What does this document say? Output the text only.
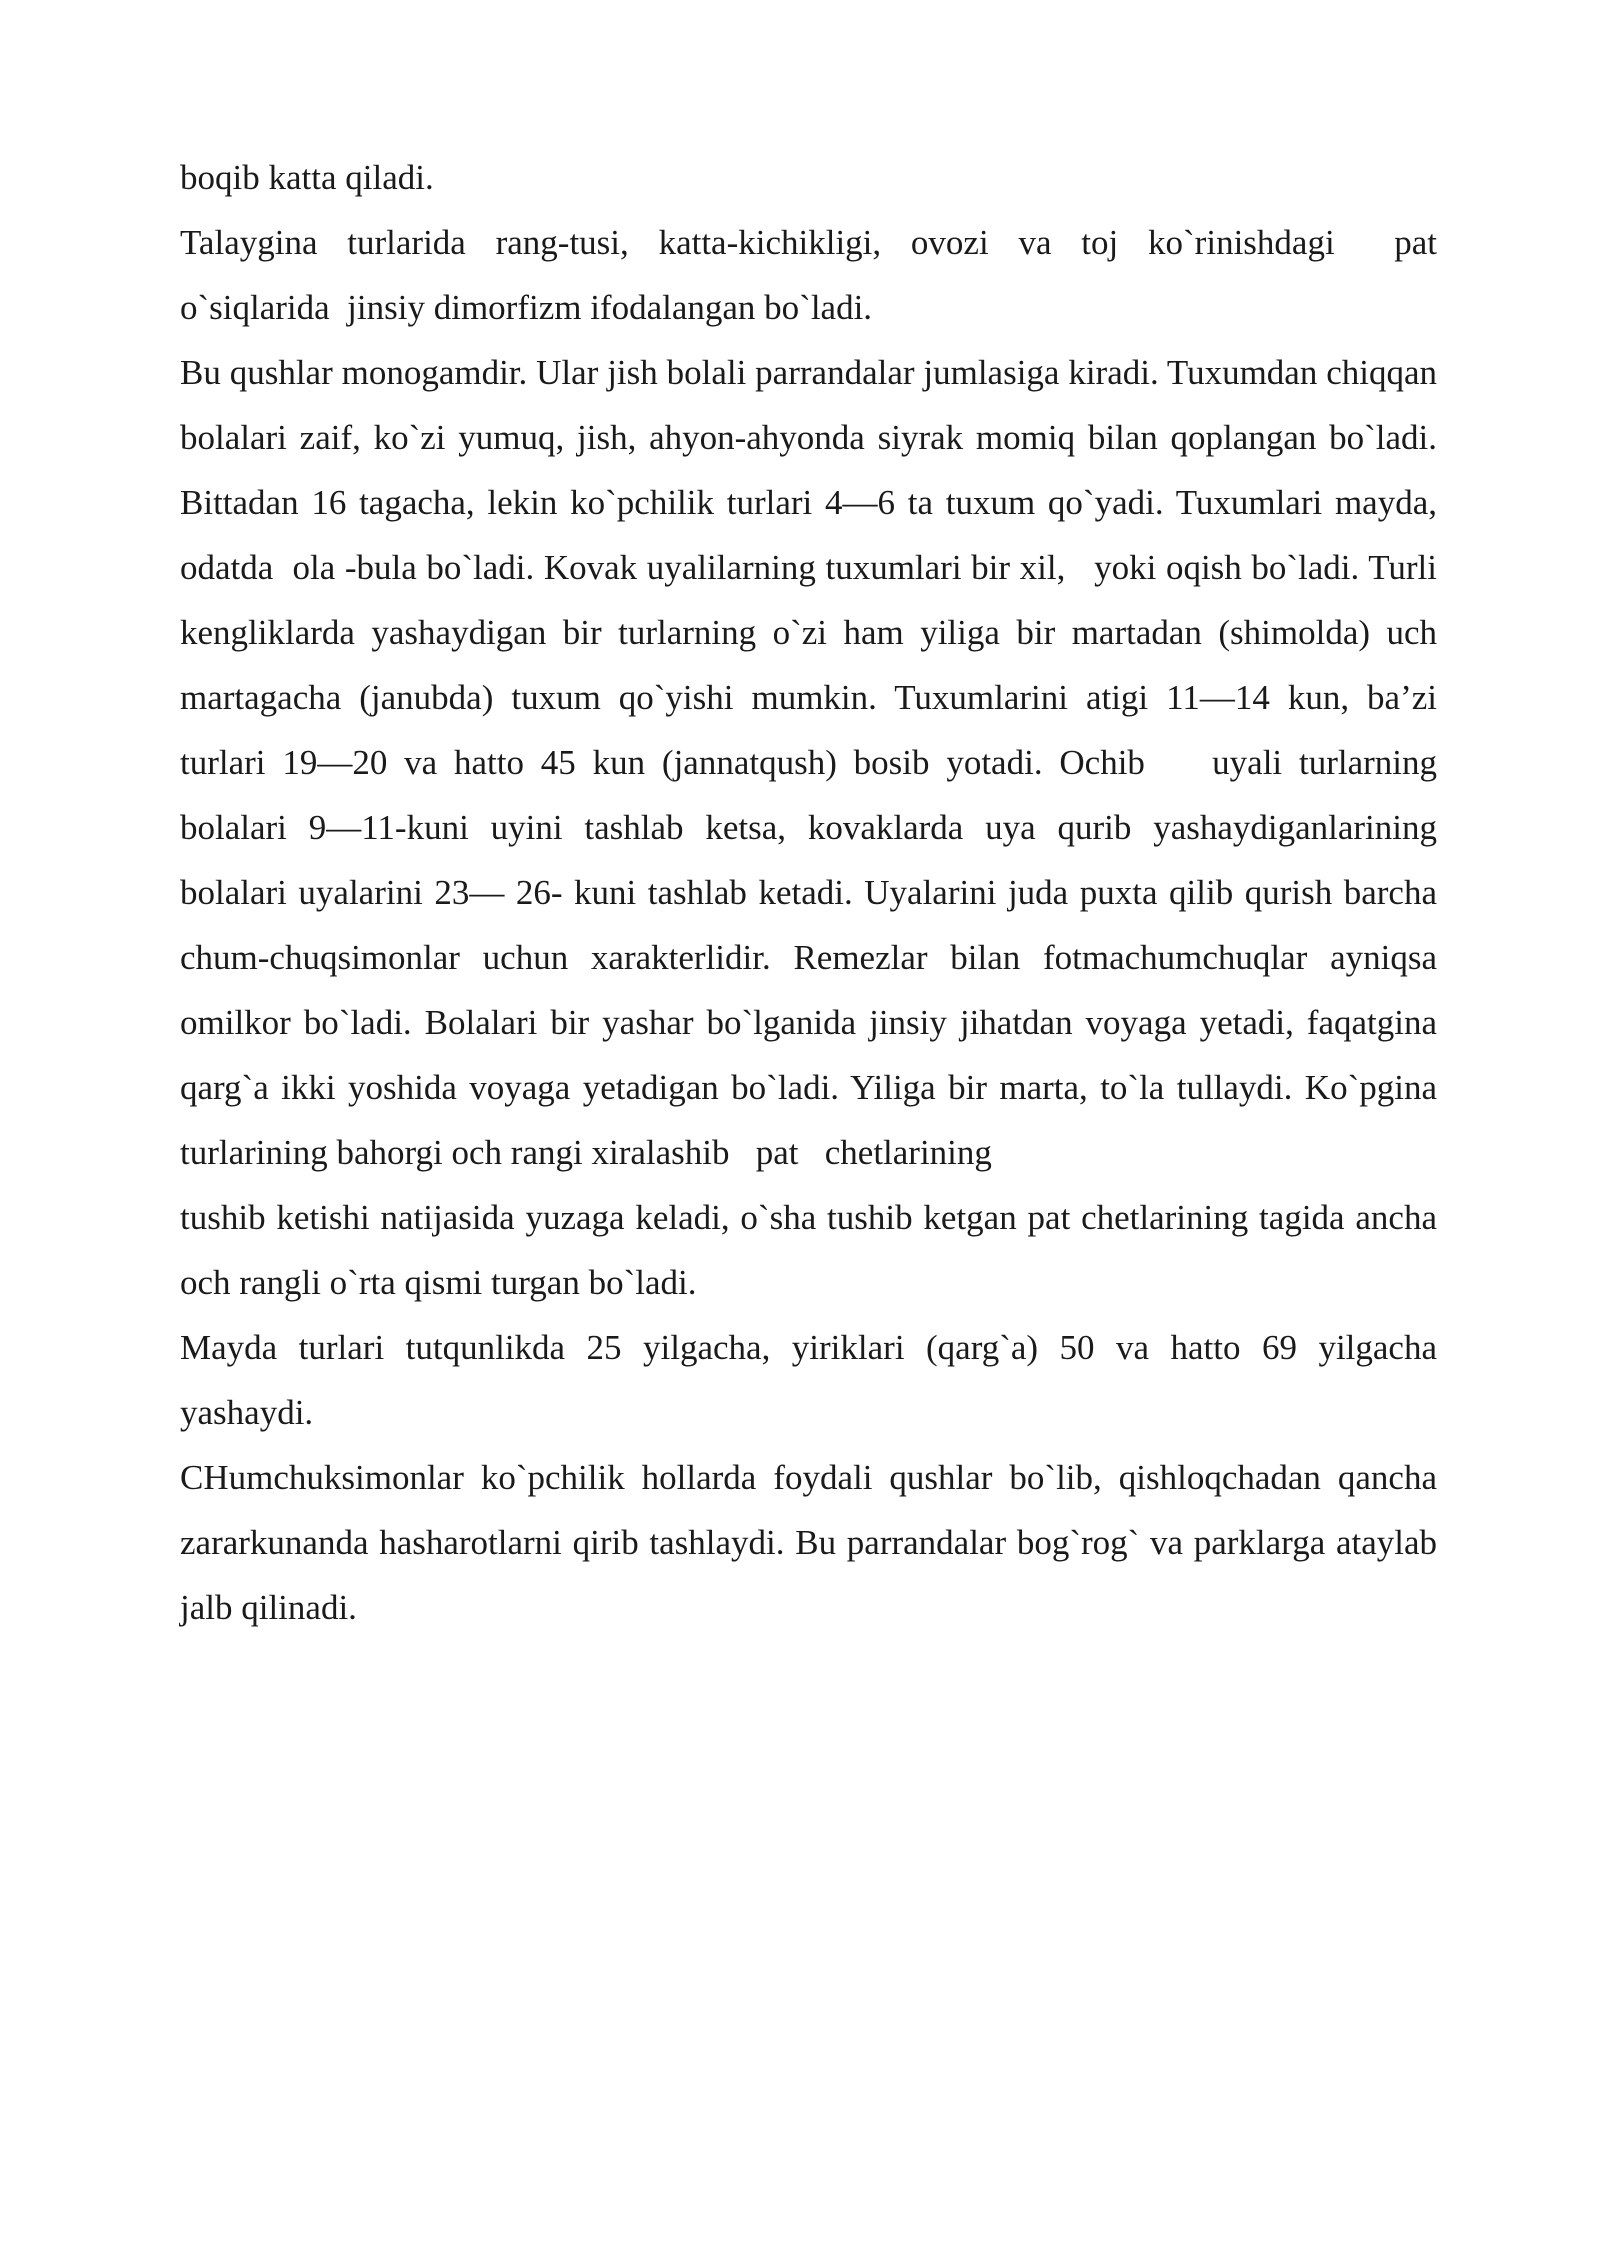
boqib katta qiladi.

Talaygina  turlarida  rang-tusi,  katta-kichikligi,  ovozi  va  toj  ko`rinishdagi    pat o`siqlarida  jinsiy dimorfizm ifodalangan bo`ladi.

Bu qushlar monogamdir. Ular jish bolali parrandalar jumlasiga kiradi. Tuxumdan chiqqan bolalari zaif, ko`zi yumuq, jish, ahyon-ahyonda siyrak momiq bilan qoplangan bo`ladi. Bittadan 16 tagacha, lekin ko`pchilik turlari 4—6 ta tuxum qo`yadi. Tuxumlari mayda, odatda  ola -bula bo`ladi. Kovak uyalilarning tuxumlari bir xil,   yoki oqish bo`ladi. Turli kengliklarda yashaydigan bir turlarning o`zi ham yiliga bir martadan (shimolda) uch martagacha (janubda) tuxum qo`yishi mumkin. Tuxumlarini atigi 11—14 kun, ba’zi turlari 19—20 va hatto 45 kun (jannatqush) bosib yotadi. Ochib    uyali turlarning bolalari 9—11-kuni uyini tashlab ketsa, kovaklarda uya qurib yashaydiganlarining bolalari uyalarini 23— 26- kuni tashlab ketadi. Uyalarini juda puxta qilib qurish barcha chum-chuqsimonlar uchun xarakterlidir. Remezlar bilan fotmachumchuqlar ayniqsa omilkor bo`ladi. Bolalari bir yashar bo`lganida jinsiy jihatdan voyaga yetadi, faqatgina qarg`a ikki yoshida voyaga yetadigan bo`ladi. Yiliga bir marta, to`la tullaydi. Ko`pgina turlarining bahorgi och rangi xiralashib   pat   chetlarining

tushib ketishi natijasida yuzaga keladi, o`sha tushib ketgan pat chetlarining tagida ancha och rangli o`rta qismi turgan bo`ladi.

Mayda turlari tutqunlikda 25 yilgacha, yiriklari (qarg`a) 50 va hatto 69 yilgacha yashaydi.

CHumchuksimonlar ko`pchilik hollarda foydali qushlar bo`lib, qishloqchadan qancha zararkunanda hasharotlarni qirib tashlaydi. Bu parrandalar bog`rog` va parklarga ataylab jalb qilinadi.
